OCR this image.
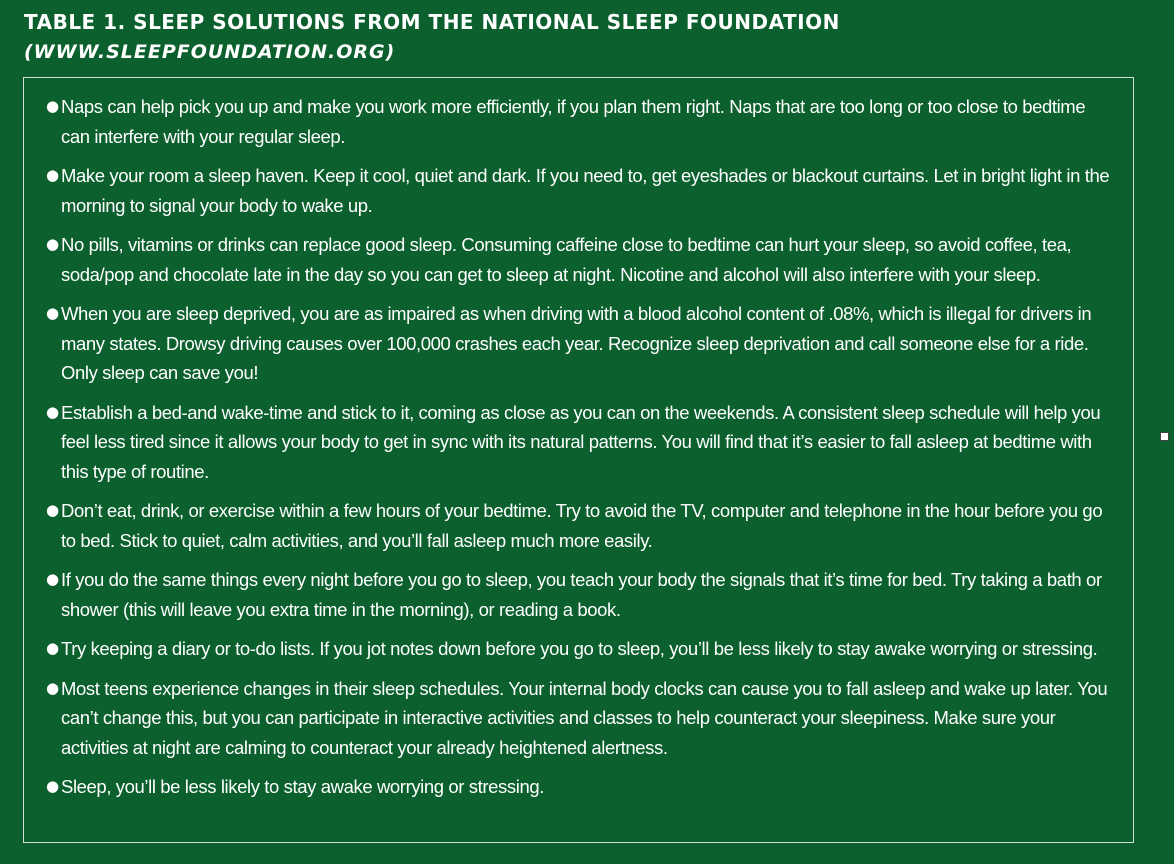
TABLE 1. SLEEP SOLUTIONS FROM THE NATIONAL SLEEP FOUNDATION
(WWW.SLEEPFOUNDATION.ORG)
● Naps can help pick you up and make you work more efficiently, if you plan them right. Naps that are too long or too close to bedtime can interfere with your regular sleep.
● Make your room a sleep haven. Keep it cool, quiet and dark. If you need to, get eyeshades or blackout curtains. Let in bright light in the morning to signal your body to wake up.
● No pills, vitamins or drinks can replace good sleep. Consuming caffeine close to bedtime can hurt your sleep, so avoid coffee, tea, soda/pop and chocolate late in the day so you can get to sleep at night. Nicotine and alcohol will also interfere with your sleep.
● When you are sleep deprived, you are as impaired as when driving with a blood alcohol content of .08%, which is illegal for drivers in many states. Drowsy driving causes over 100,000 crashes each year. Recognize sleep deprivation and call someone else for a ride. Only sleep can save you!
● Establish a bed-and wake-time and stick to it, coming as close as you can on the weekends. A consistent sleep schedule will help you feel less tired since it allows your body to get in sync with its natural patterns. You will find that it’s easier to fall asleep at bedtime with this type of routine.
● Don’t eat, drink, or exercise within a few hours of your bedtime. Try to avoid the TV, computer and telephone in the hour before you go to bed. Stick to quiet, calm activities, and you’ll fall asleep much more easily.
● If you do the same things every night before you go to sleep, you teach your body the signals that it’s time for bed. Try taking a bath or shower (this will leave you extra time in the morning), or reading a book.
● Try keeping a diary or to-do lists. If you jot notes down before you go to sleep, you’ll be less likely to stay awake worrying or stressing.
● Most teens experience changes in their sleep schedules. Your internal body clocks can cause you to fall asleep and wake up later. You can’t change this, but you can participate in interactive activities and classes to help counteract your sleepiness. Make sure your activities at night are calming to counteract your already heightened alertness.
● Sleep, you’ll be less likely to stay awake worrying or stressing.
